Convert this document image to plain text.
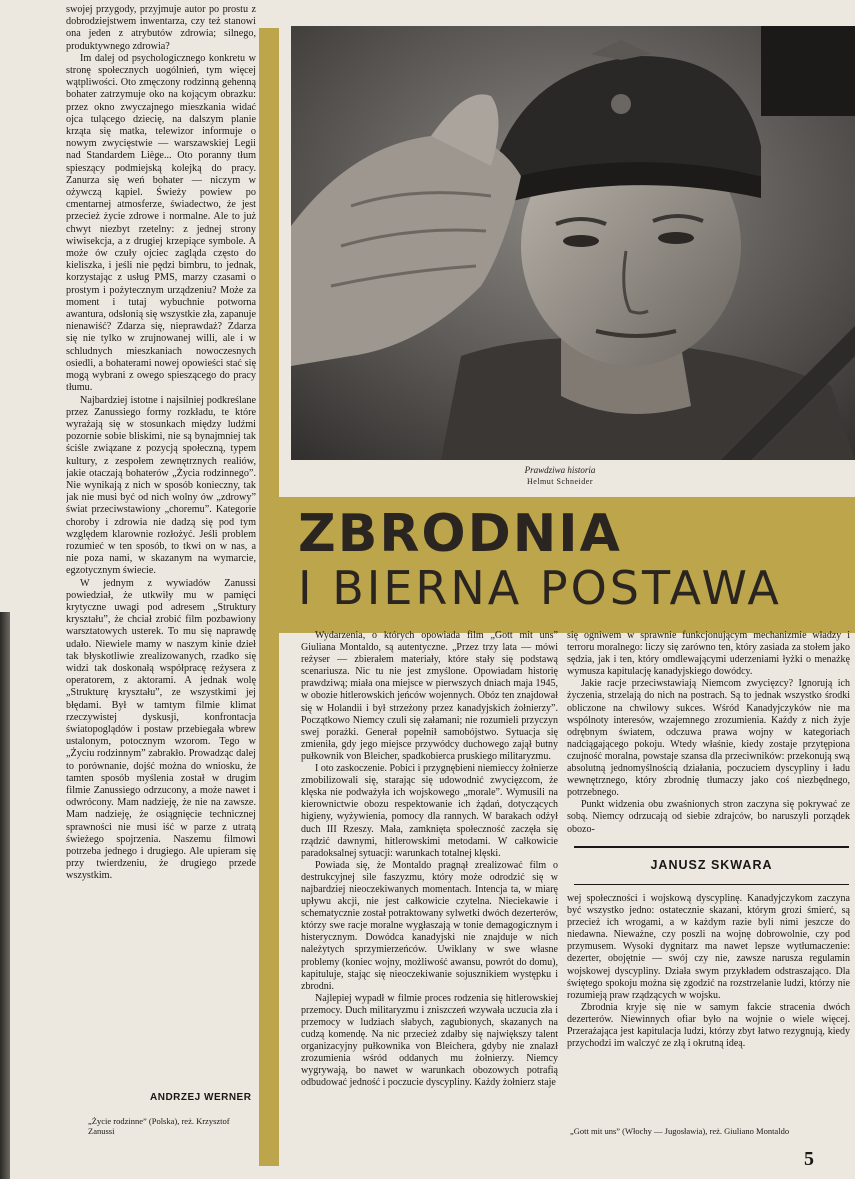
swojej przygody, przyjmuje autor po prostu z dobrodziejstwem inwentarza, czy też stanowi ona jeden z atrybutów zdrowia; silnego, produktywnego zdrowia?

Im dalej od psychologicznego konkretu w stronę społecznych uogólnień, tym więcej wątpliwości. Oto zmęczony rodzinną gehenną bohater zatrzymuje oko na kojącym obrazku: przez okno zwyczajnego mieszkania widać ojca tulącego dziecię, na dalszym planie krząta się matka, telewizor informuje o nowym zwycięstwie — warszawskiej Legii nad Standardem Liège... Oto poranny tłum spieszący podmiejską kolejką do pracy. Zanurza się weń bohater — niczym w ożywczą kąpiel. Świeży powiew po cmentarnej atmosferze, świadectwo, że jest przecież życie zdrowe i normalne. Ale to już chwyt niezbyt rzetelny: z jednej strony wiwisekcja, a z drugiej krzepiące symbole. A może ów czuły ojciec zagląda często do kieliszka, i jeśli nie pędzi bimbru, to jednak, korzystając z usług PMS, marzy czasami o prostym i pożytecznym urządzeniu? Może za moment i tutaj wybuchnie potworna awantura, odsłonią się wszystkie zła, zapanuje nienawiść? Zdarza się, nieprawdaż? Zdarza się nie tylko w zrujnowanej willi, ale i w schludnych mieszkaniach nowoczesnych osiedli, a bohaterami nowej opowieści stać się mogą wybrani z owego spieszącego do pracy tłumu.

Najbardziej istotne i najsilniej podkreślane przez Zanussiego formy rozkładu, te które wyrażają się w stosunkach między ludźmi pozornie sobie bliskimi, nie są bynajmniej tak ściśle związane z pozycją społeczną, typem kultury, z zespołem zewnętrznych realiów, jakie otaczają bohaterów „Życia rodzinnego”. Nie wynikają z nich w sposób konieczny, tak jak nie musi być od nich wolny ów „zdrowy” świat przeciwstawiony „choremu”. Kategorie choroby i zdrowia nie dadzą się pod tym względem klarownie rozłożyć. Jeśli problem rozumieć w ten sposób, to tkwi on w nas, a nie poza nami, w skazanym na wymarcie, egzotycznym świecie.

W jednym z wywiadów Zanussi powiedział, że utkwiły mu w pamięci krytyczne uwagi pod adresem „Struktury kryształu”, że chciał zrobić film pozbawiony warsztatowych usterek. To mu się naprawdę udało. Niewiele mamy w naszym kinie dzieł tak błyskotliwie zrealizowanych, rzadko się widzi tak doskonałą współpracę reżysera z operatorem, z aktorami. A jednak wolę „Strukturę kryształu”, ze wszystkimi jej błędami. Był w tamtym filmie klimat rzeczywistej dyskusji, konfrontacja światopoglądów i postaw przebiegała wbrew ustalonym, potocznym wzorom. Tego w „Życiu rodzinnym” zabrakło. Prowadząc dalej to porównanie, dojść można do wniosku, że tamten sposób myślenia został w drugim filmie Zanussiego odrzucony, a może nawet i odwrócony. Mam nadzieję, że nie na zawsze. Mam nadzieję, że osiągnięcie technicznej sprawności nie musi iść w parze z utratą świeżego spojrzenia. Naszemu filmowi potrzeba jednego i drugiego. Ale upieram się przy twierdzeniu, że drugiego przede wszystkim.

ANDRZEJ WERNER
„Życie rodzinne” (Polska), reż. Krzysztof Zanussi
Prawdziwa historia
Helmut Schneider
ZBRODNIA
I BIERNA POSTAWA

Wydarzenia, o których opowiada film „Gott mit uns” Giuliana Montaldo, są autentyczne. „Przez trzy lata — mówi reżyser — zbierałem materiały, które stały się podstawą scenariusza. Nic tu nie jest zmyślone. Opowiadam historię prawdziwą; miała ona miejsce w pierwszych dniach maja 1945, w obozie hitlerowskich jeńców wojennych. Obóz ten znajdował się w Holandii i był strzeżony przez kanadyjskich żołnierzy”. Początkowo Niemcy czuli się załamani; nie rozumieli przyczyn swej porażki. Generał popełnił samobójstwo. Sytuacja się zmieniła, gdy jego miejsce przywódcy duchowego zajął butny pułkownik von Bleicher, spadkobierca pruskiego militaryzmu.

I oto zaskoczenie. Pobici i przygnębieni niemieccy żołnierze zmobilizowali się, starając się udowodnić zwycięzcom, że klęska nie podważyła ich wojskowego „morale”. Wymusili na kierownictwie obozu respektowanie ich żądań, dotyczących higieny, wyżywienia, pomocy dla rannych. W barakach odżył duch III Rzeszy. Mała, zamknięta społeczność zaczęła się rządzić dawnymi, hitlerowskimi metodami. W całkowicie paradoksalnej sytuacji: warunkach totalnej klęski.

Powiada się, że Montaldo pragnął zrealizować film o destrukcyjnej sile faszyzmu, który może odrodzić się w najbardziej nieoczekiwanych momentach. Intencja ta, w miarę upływu akcji, nie jest całkowicie czytelna. Nieciekawie i schematycznie został potraktowany sylwetki dwóch dezerterów, którzy swe racje moralne wygłaszają w tonie demagogicznym i histerycznym. Dowódca kanadyjski nie znajduje w nich należytych sprzymierzeńców. Uwiklany w swe własne problemy (koniec wojny, możliwość awansu, powrót do domu), kapituluje, stając się nieoczekiwanie sojusznikiem występku i zbrodni.

Najlepiej wypadł w filmie proces rodzenia się hitlerowskiej przemocy. Duch militaryzmu i zniszczeń wzywała uczucia zła i przemocy w ludziach słabych, zagubionych, skazanych na cudzą komendę. Na nic przecież zdałby się największy talent organizacyjny pułkownika von Bleichera, gdyby nie znalazł zrozumienia wśród oddanych mu żołnierzy. Niemcy wygrywają, bo nawet w warunkach obozowych potrafią odbudować jedność i poczucie dyscypliny. Każdy żołnierz staje

się ogniwem w sprawnie funkcjonującym mechanizmie władzy i terroru moralnego: liczy się zarówno ten, który zasiada za stołem jako sędzia, jak i ten, który omdlewającymi uderzeniami łyżki o menażkę wymusza kapitulację kanadyjskiego dowódcy.

Jakie racje przeciwstawiają Niemcom zwycięzcy? Ignorują ich życzenia, strzelają do nich na postrach. Są to jednak wszystko środki obliczone na chwilowy sukces. Wśród Kanadyjczyków nie ma wspólnoty interesów, wzajemnego zrozumienia. Każdy z nich żyje odrębnym światem, odczuwa prawa wojny w kategoriach nadciągającego pokoju. Wtedy właśnie, kiedy zostaje przytępiona czujność moralna, powstaje szansa dla przeciwników: przekonują swą absolutną jednomyślnością działania, poczuciem dyscypliny i ładu wewnętrznego, który zbrodnię tłumaczy jako coś niezbędnego, potrzebnego.

Punkt widzenia obu zwaśnionych stron zaczyna się pokrywać ze sobą. Niemcy odrzucają od siebie zdrajców, bo naruszyli porządek obozo-

JANUSZ SKWARA

wej społeczności i wojskową dyscyplinę. Kanadyjczykom zaczyna być wszystko jedno: ostatecznie skazani, którym grozi śmierć, są przecież ich wrogami, a w każdym razie byli nimi jeszcze do niedawna. Nieważne, czy poszli na wojnę dobrowolnie, czy pod przymusem. Wysoki dygnitarz ma nawet lepsze wytłumaczenie: dezerter, obojętnie — swój czy nie, zawsze narusza regulamin wojskowej dyscypliny. Działa swym przykładem odstraszająco. Dla świętego spokoju można się zgodzić na rozstrzelanie ludzi, którzy nie rozumieją praw rządzących w wojsku.

Zbrodnia kryje się nie w samym fakcie stracenia dwóch dezerterów. Niewinnych ofiar było na wojnie o wiele więcej. Przerażająca jest kapitulacja ludzi, którzy zbyt łatwo rezygnują, kiedy przychodzi im walczyć ze złą i okrutną ideą.

„Gott mit uns” (Włochy — Jugosławia), reż. Giuliano Montaldo
5
